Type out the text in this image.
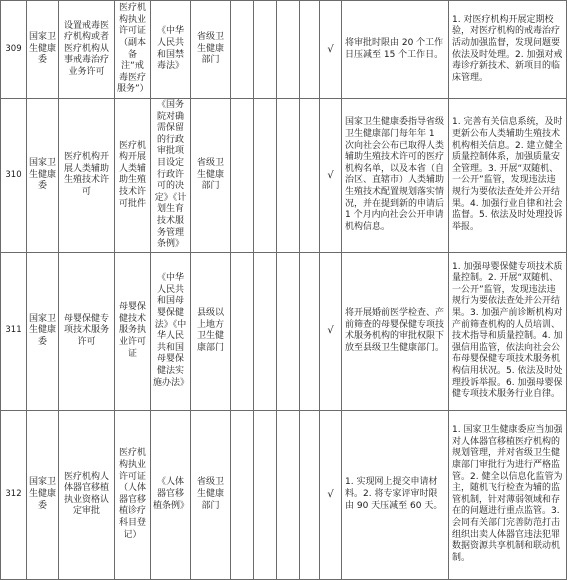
309	国家卫生健康委	设置戒毒医疗机构或者医疗机构从事戒毒治疗业务许可	医疗机构执业许可证（副本备注“戒毒医疗服务”）	《中华人民共和国禁毒法》	省级卫生健康部门					√	将审批时限由 20 个工作日压减至 15 个工作日。	1. 对医疗机构开展定期校验，对医疗机构的戒毒治疗活动加强监督，发现问题要依法及时处理。2. 加强对戒毒诊疗新技术、新项目的临床管理。
310	国家卫生健康委	医疗机构开展人类辅助生殖技术许可	医疗机构开展人类辅助生殖技术许可批件	《国务院对确需保留的行政审批项目设定行政许可的决定》《计划生育技术服务管理条例》	省级卫生健康部门					√	国家卫生健康委指导省级卫生健康部门每年年 1 次向社会公布已取得人类辅助生殖技术许可的医疗机构名单，以及本省（自治区、直辖市）人类辅助生殖技术配置规划落实情况，并在提到新的申请后 1 个月内向社会公开申请机构信息。	1. 完善有关信息系统，及时更新公布人类辅助生殖技术机构相关信息。2. 建立健全质量控制体系，加强质量安全管理。3. 开展“双随机、一公开”监管，发现违法违规行为要依法查处并公开结果。4. 加强行业自律和社会监督。5. 依法及时处理投诉举报。
311	国家卫生健康委	母婴保健专项技术服务许可	母婴保健技术服务执业许可证	《中华人民共和国母婴保健法》《中华人民共和国母婴保健法实施办法》	县级以上地方卫生健康部门					√	将开展婚前医学检查、产前筛查的母婴保健专项技术服务机构的审批权限下放至县级卫生健康部门。	1. 加强母婴保健专项技术质量控制。2. 开展“双随机、一公开”监管，发现违法违规行为要依法查处并公开结果。3. 加强产前诊断机构对产前筛查机构的人员培训、技术指导和质量控制。4. 加强信用监管，依法向社会公布母婴保健专项技术服务机构信用状况。5. 依法及时处理投诉举报。6. 加强母婴保健专项技术服务行业自律。
312	国家卫生健康委	医疗机构人体器官移植执业资格认定审批	医疗机构执业许可证（人体器官移植诊疗科目登记）	《人体器官移植条例》	省级卫生健康部门					√	1. 实现网上提交申请材料。2. 将专家评审时限由 90 天压减至 60 天。	1. 国家卫生健康委应当加强对人体器官移植医疗机构的规划管理，并对省级卫生健康部门审批行为进行严格监管。2. 健全以信息化监管为主，随机飞行检查为辅的监管机制，针对薄弱领域和存在的问题进行重点监管。3. 会同有关部门完善防范打击组织出卖人体器官违法犯罪数据资源共享机制和联动机制。
